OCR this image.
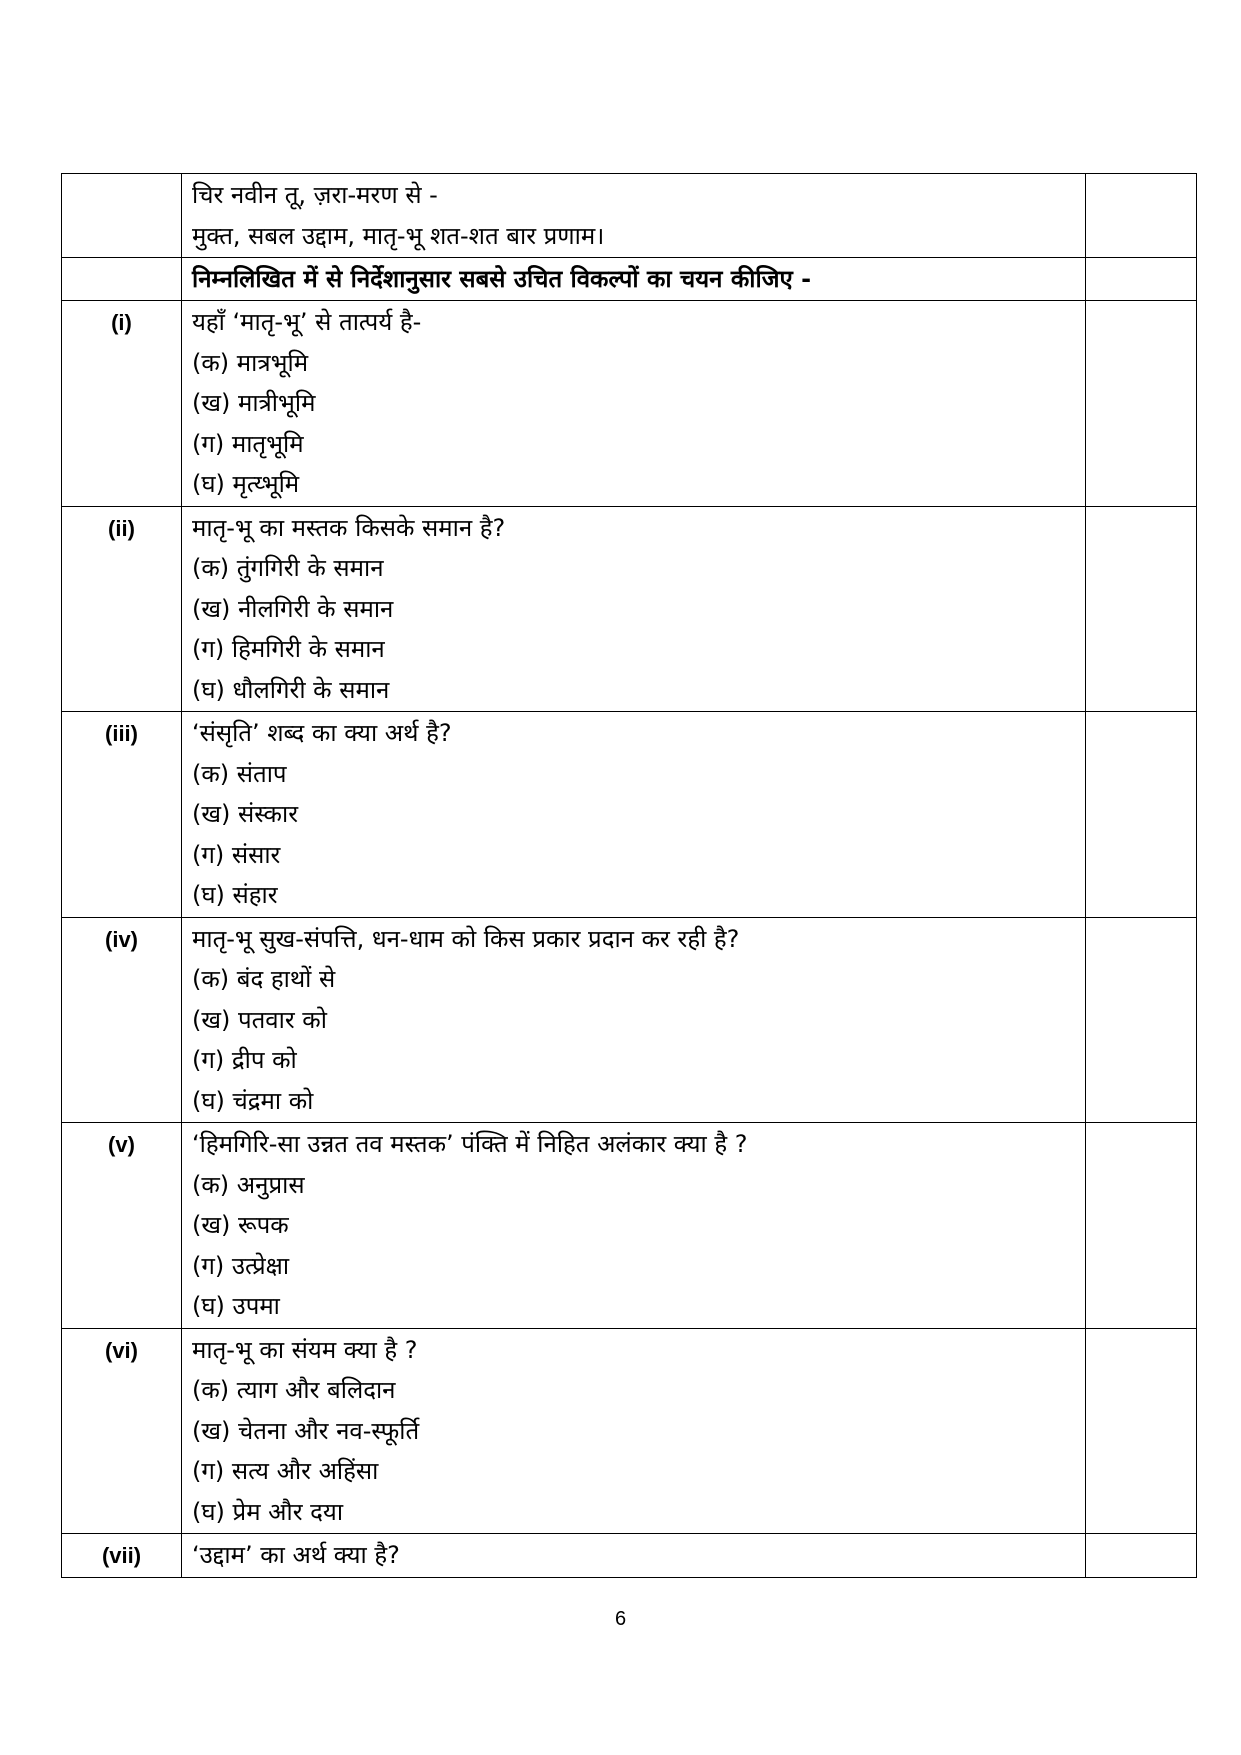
	चिर नवीन तू, ज़रा-मरण से -
मुक्त, सबल उद्दाम, मातृ-भू शत-शत बार प्रणाम।	

	निम्नलिखित में से निर्देशानुसार सबसे उचित विकल्पों का चयन कीजिए -	

(i)	यहाँ ‘मातृ-भू’ से तात्पर्य है-
(क) मात्रभूमि
(ख) मात्रीभूमि
(ग) मातृभूमि
(घ) मृत्य्भूमि	

(ii)	मातृ-भू का मस्तक किसके समान है?
(क) तुंगगिरी के समान
(ख) नीलगिरी के समान
(ग) हिमगिरी के समान
(घ) धौलगिरी के समान	

(iii)	‘संसृति’ शब्द का क्या अर्थ है?
(क) संताप
(ख) संस्कार
(ग) संसार
(घ) संहार	

(iv)	मातृ-भू सुख-संपत्ति, धन-धाम को किस प्रकार प्रदान कर रही है?
(क) बंद हाथों से
(ख) पतवार को
(ग) द्रीप को
(घ) चंद्रमा को	

(v)	‘हिमगिरि-सा उन्नत तव मस्तक’ पंक्ति में निहित अलंकार क्या है ?
(क) अनुप्रास
(ख) रूपक
(ग) उत्प्रेक्षा
(घ) उपमा	

(vi)	मातृ-भू का संयम क्या है ?
(क) त्याग और बलिदान
(ख) चेतना और नव-स्फूर्ति
(ग) सत्य और अहिंसा
(घ) प्रेम और दया	

(vii)	‘उद्दाम’ का अर्थ क्या है?	

6
